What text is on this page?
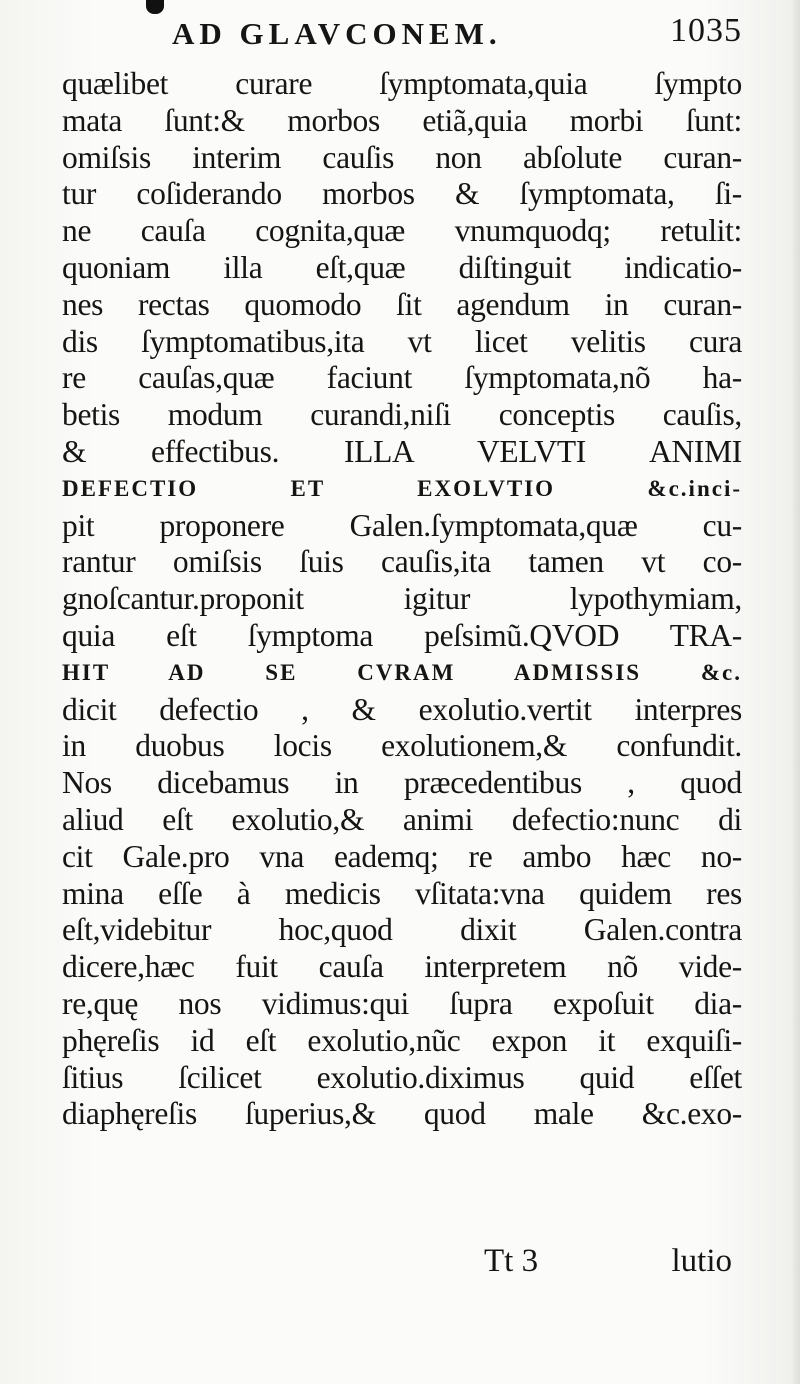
AD GLAVCONEM.	1035
quælibet curare ſymptomata,quia ſympto
mata ſunt:& morbos etiã,quia morbi ſunt:
omiſsis interim cauſis non abſolute curan-
tur coſiderando morbos & ſymptomata, ſi-
ne cauſa cognita,quæ vnumquodq; retulit:
quoniam illa eſt,quæ diſtinguit indicatio-
nes rectas quomodo ſit agendum in curan-
dis ſymptomatibus,ita vt licet velitis cura
re cauſas,quæ faciunt ſymptomata,nõ ha-
betis modum curandi,niſi conceptis cauſis,
& effectibus. ILLA VELVTI ANIMI
DEFECTIO ET EXOLVTIO &c.inci-
pit proponere Galen.ſymptomata,quæ cu-
rantur omiſsis ſuis cauſis,ita tamen vt co-
gnoſcantur.proponit igitur lypothymiam,
quia eſt ſymptoma peſsimũ.QVOD TRA-
HIT AD SE CVRAM ADMISSIS &c.
dicit defectio , & exolutio.vertit interpres
in duobus locis exolutionem,& confundit.
Nos dicebamus in præcedentibus , quod
aliud eſt exolutio,& animi defectio:nunc di
cit Gale.pro vna eademq; re ambo hæc no-
mina eſſe à medicis vſitata:vna quidem res
eſt,videbitur hoc,quod dixit Galen.contra
dicere,hæc fuit cauſa interpretem nõ vide-
re,quę nos vidimus:qui ſupra expoſuit dia-
phęreſis id eſt exolutio,nũc expon it exquiſi-
ſitius ſcilicet exolutio.diximus quid eſſet
diaphęreſis ſuperius,& quod male &c.exo-
Tt 3	lutio
